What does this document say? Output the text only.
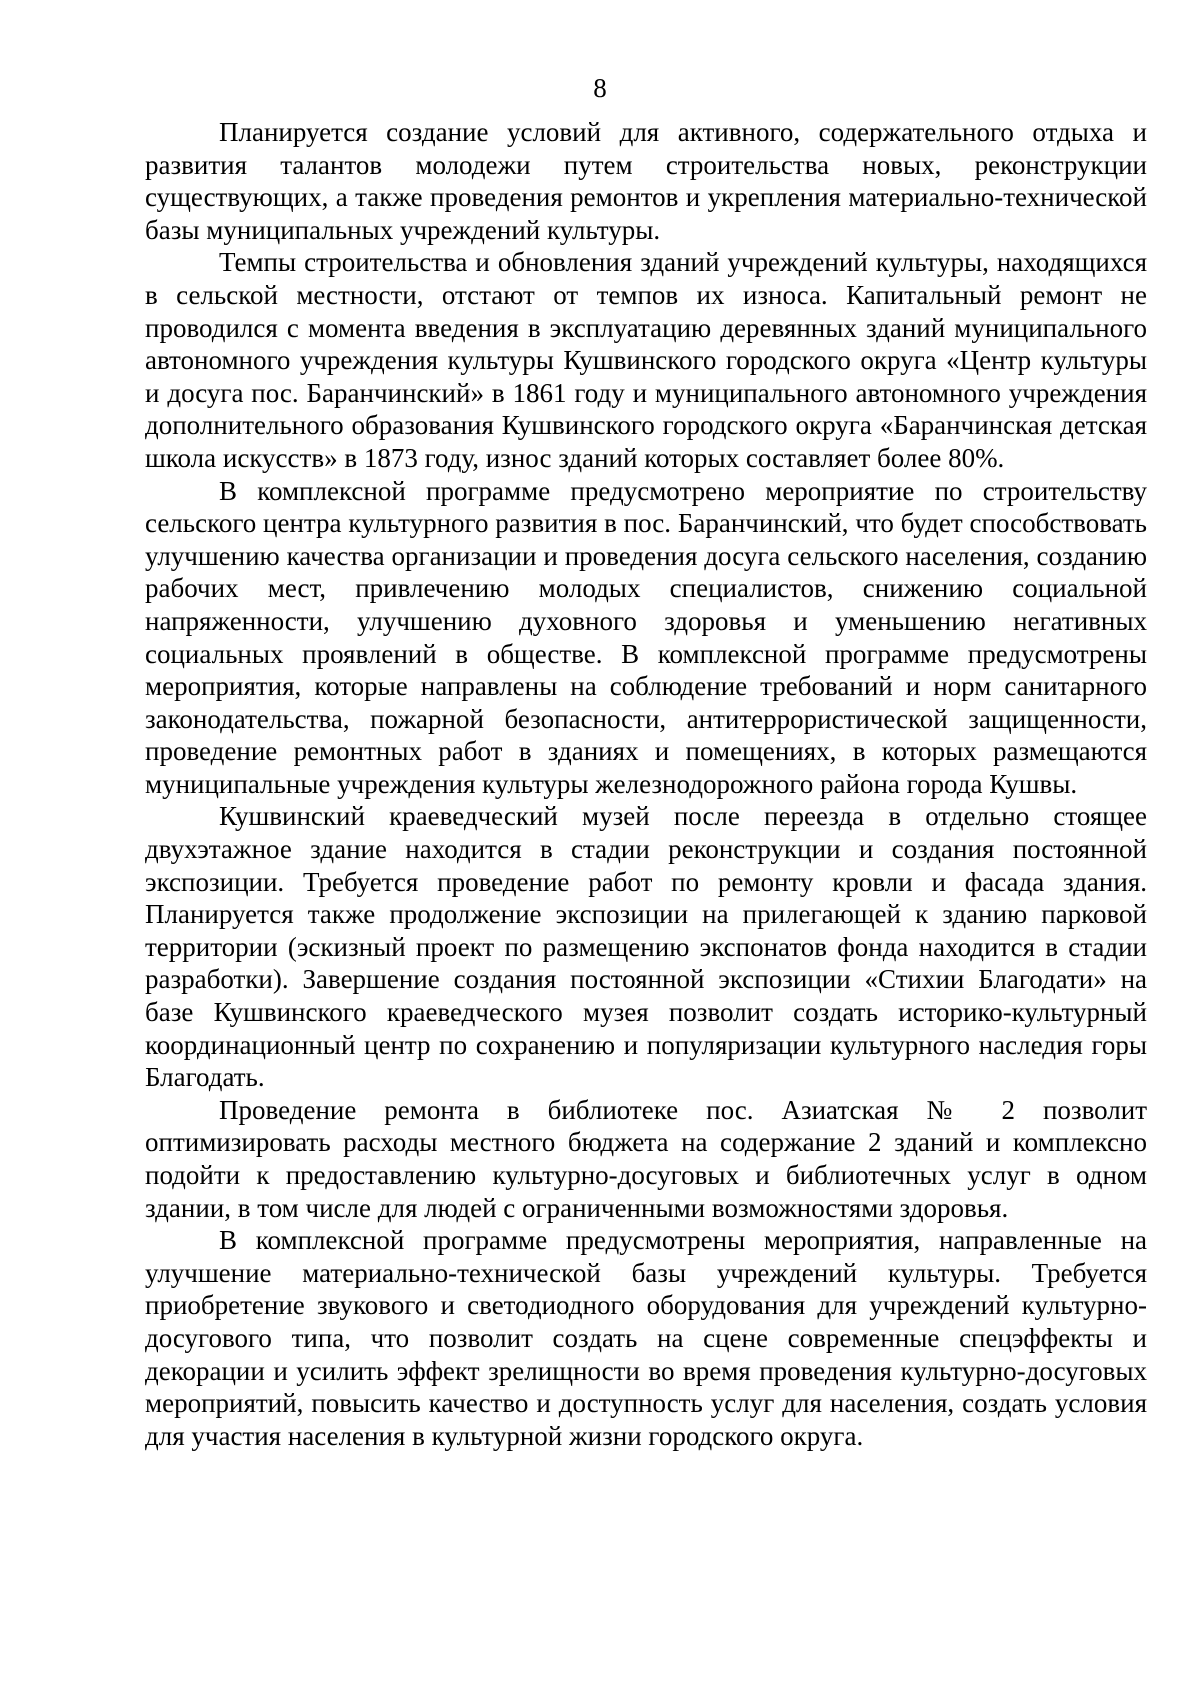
8

Планируется создание условий для активного, содержательного отдыха и развития талантов молодежи путем строительства новых, реконструкции существующих, а также проведения ремонтов и укрепления материально-технической базы муниципальных учреждений культуры.

Темпы строительства и обновления зданий учреждений культуры, находящихся в сельской местности, отстают от темпов их износа. Капитальный ремонт не проводился с момента введения в эксплуатацию деревянных зданий муниципального автономного учреждения культуры Кушвинского городского округа «Центр культуры и досуга пос. Баранчинский» в 1861 году и муниципального автономного учреждения дополнительного образования Кушвинского городского округа «Баранчинская детская школа искусств» в 1873 году, износ зданий которых составляет более 80%.

В комплексной программе предусмотрено мероприятие по строительству сельского центра культурного развития в пос. Баранчинский, что будет способствовать улучшению качества организации и проведения досуга сельского населения, созданию рабочих мест, привлечению молодых специалистов, снижению социальной напряженности, улучшению духовного здоровья и уменьшению негативных социальных проявлений в обществе. В комплексной программе предусмотрены мероприятия, которые направлены на соблюдение требований и норм санитарного законодательства, пожарной безопасности, антитеррористической защищенности, проведение ремонтных работ в зданиях и помещениях, в которых размещаются муниципальные учреждения культуры железнодорожного района города Кушвы.

Кушвинский краеведческий музей после переезда в отдельно стоящее двухэтажное здание находится в стадии реконструкции и создания постоянной экспозиции. Требуется проведение работ по ремонту кровли и фасада здания. Планируется также продолжение экспозиции на прилегающей к зданию парковой территории (эскизный проект по размещению экспонатов фонда находится в стадии разработки). Завершение создания постоянной экспозиции «Стихии Благодати» на базе Кушвинского краеведческого музея позволит создать историко-культурный координационный центр по сохранению и популяризации культурного наследия горы Благодать.

Проведение ремонта в библиотеке пос. Азиатская № 2 позволит оптимизировать расходы местного бюджета на содержание 2 зданий и комплексно подойти к предоставлению культурно-досуговых и библиотечных услуг в одном здании, в том числе для людей с ограниченными возможностями здоровья.

В комплексной программе предусмотрены мероприятия, направленные на улучшение материально-технической базы учреждений культуры. Требуется приобретение звукового и светодиодного оборудования для учреждений культурно-досугового типа, что позволит создать на сцене современные спецэффекты и декорации и усилить эффект зрелищности во время проведения культурно-досуговых мероприятий, повысить качество и доступность услуг для населения, создать условия для участия населения в культурной жизни городского округа.
